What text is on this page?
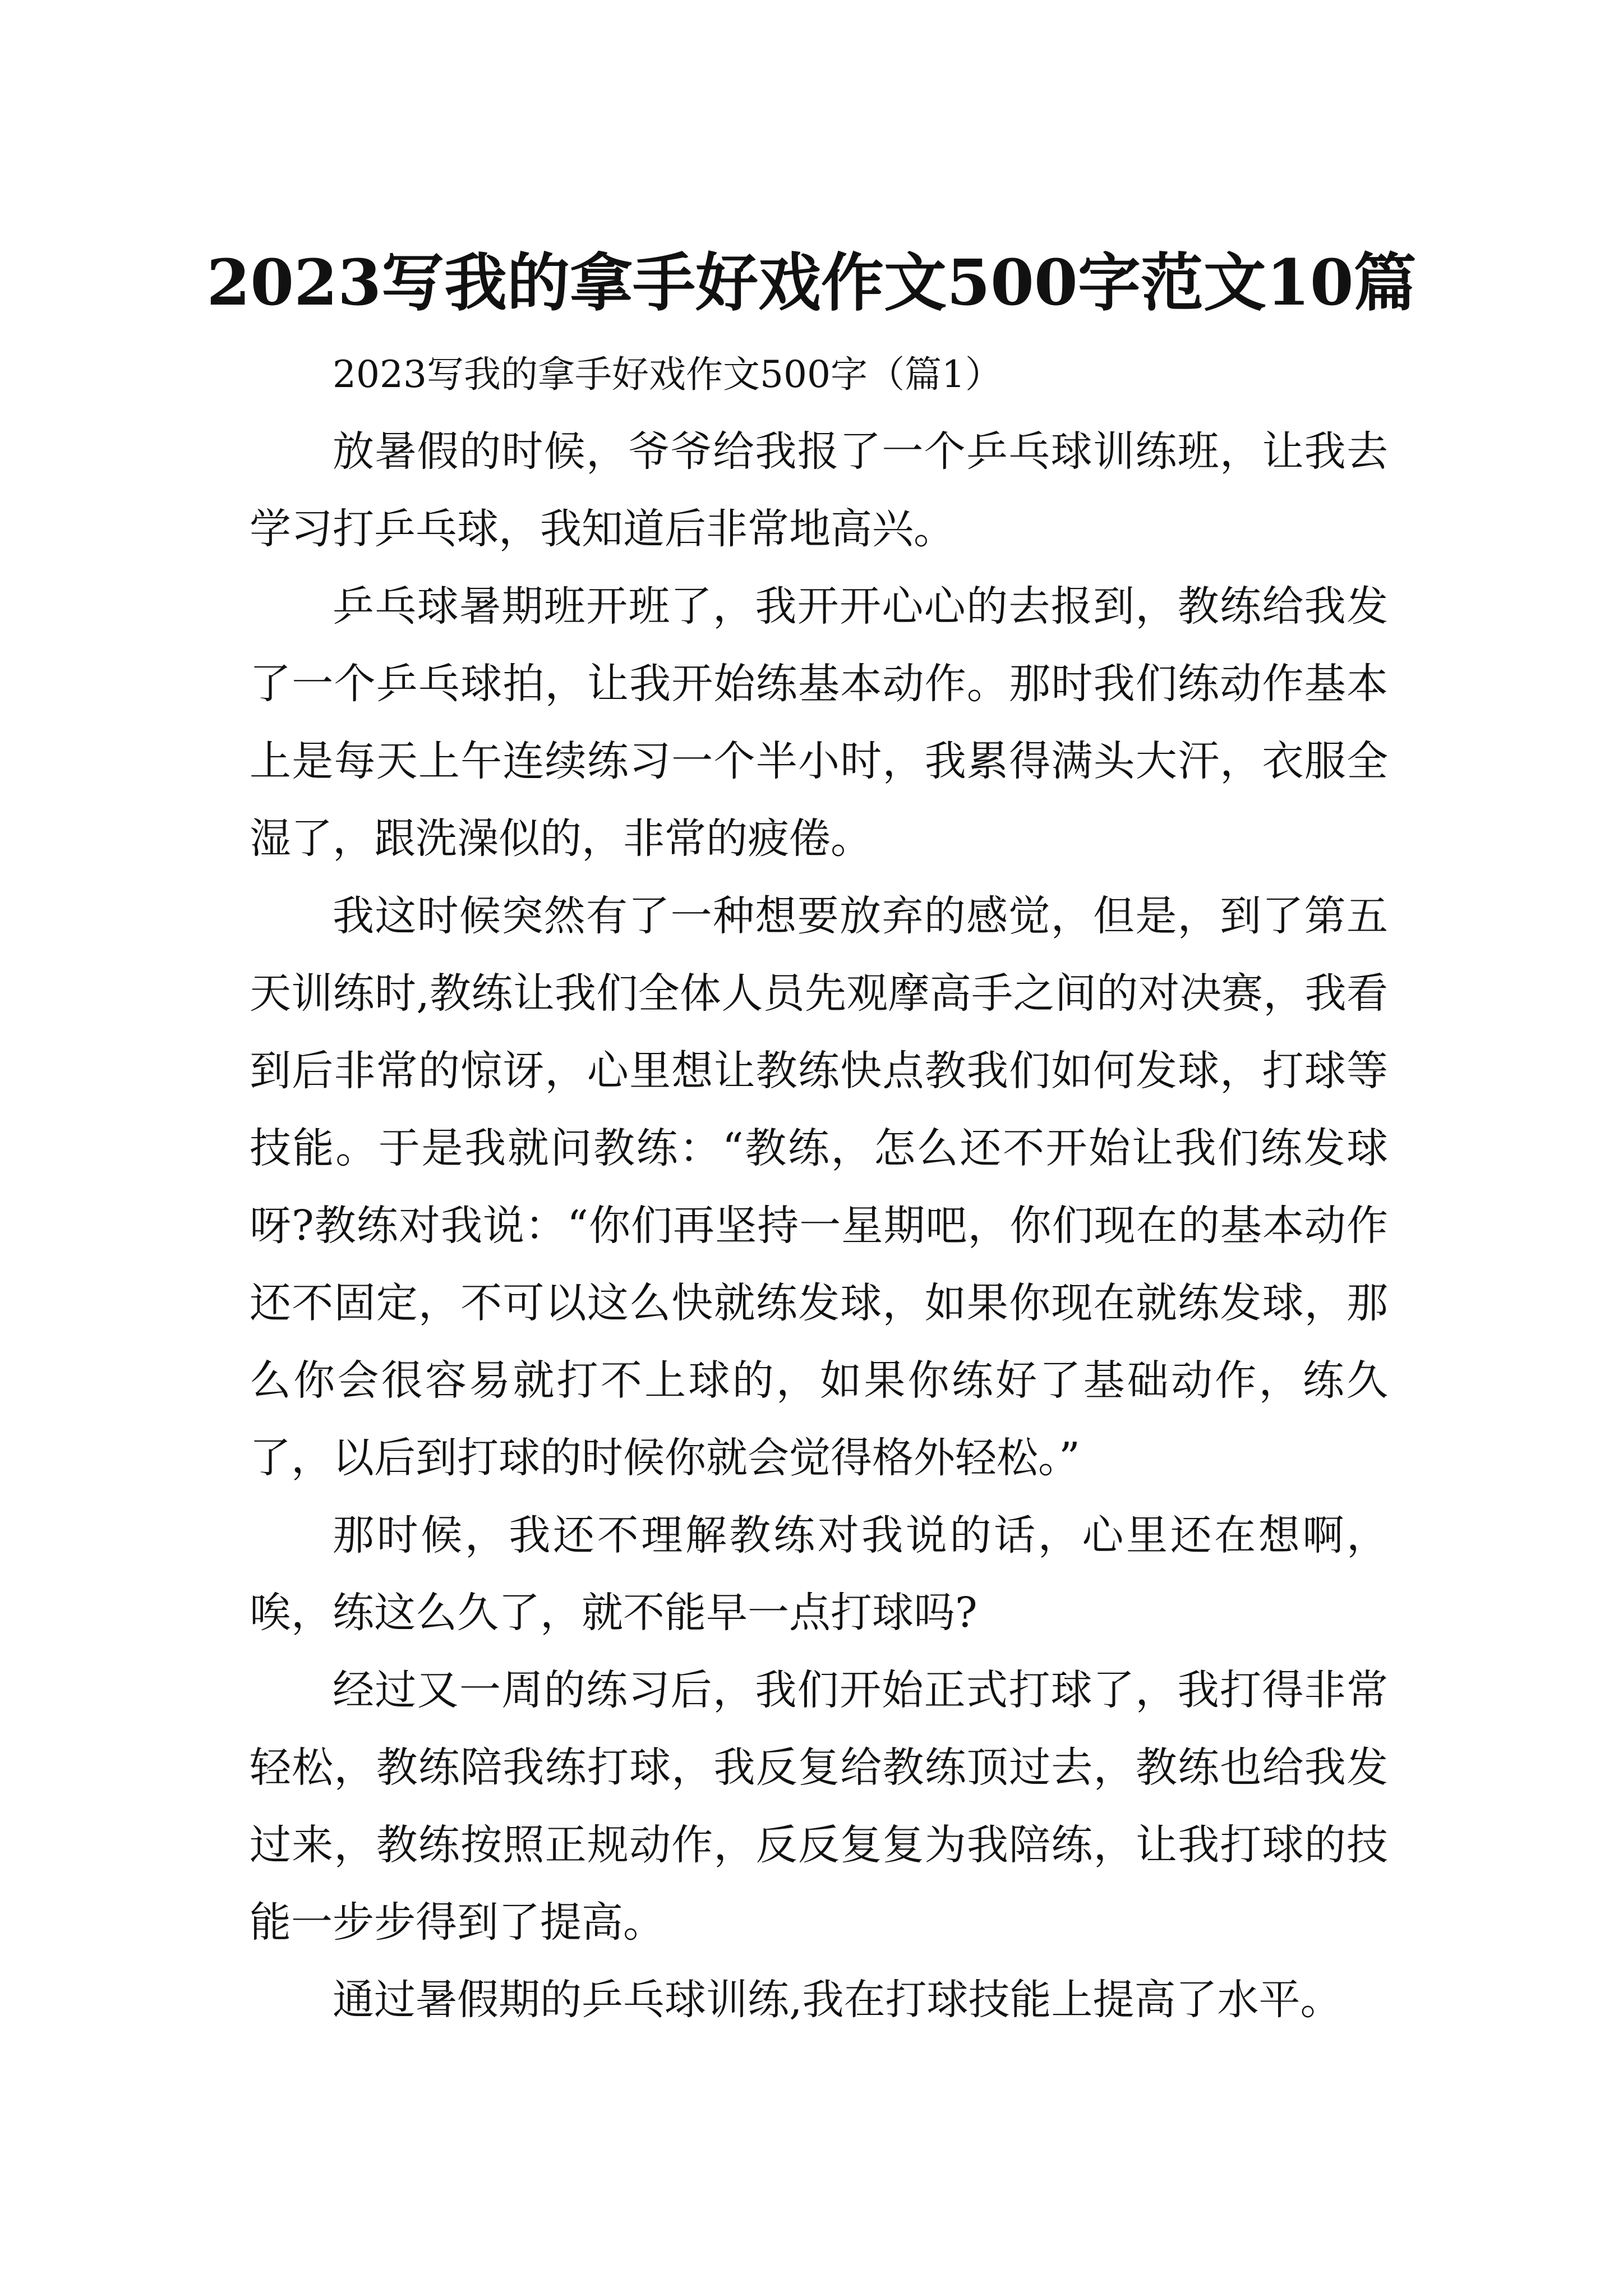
2023写我的拿手好戏作文500字范文10篇

2023写我的拿手好戏作文500字（篇1）

放暑假的时候，爷爷给我报了一个乒乓球训练班，让我去学习打乒乓球，我知道后非常地高兴。

乒乓球暑期班开班了，我开开心心的去报到，教练给我发了一个乒乓球拍，让我开始练基本动作。那时我们练动作基本上是每天上午连续练习一个半小时，我累得满头大汗，衣服全湿了，跟洗澡似的，非常的疲倦。

我这时候突然有了一种想要放弃的感觉，但是，到了第五天训练时,教练让我们全体人员先观摩高手之间的对决赛，我看到后非常的惊讶，心里想让教练快点教我们如何发球，打球等技能。于是我就问教练：“教练，怎么还不开始让我们练发球呀?教练对我说：“你们再坚持一星期吧，你们现在的基本动作还不固定，不可以这么快就练发球，如果你现在就练发球，那么你会很容易就打不上球的，如果你练好了基础动作，练久了，以后到打球的时候你就会觉得格外轻松。”

那时候，我还不理解教练对我说的话，心里还在想啊，唉，练这么久了，就不能早一点打球吗?

经过又一周的练习后，我们开始正式打球了，我打得非常轻松，教练陪我练打球，我反复给教练顶过去，教练也给我发过来，教练按照正规动作，反反复复为我陪练，让我打球的技能一步步得到了提高。

通过暑假期的乒乓球训练,我在打球技能上提高了水平。
